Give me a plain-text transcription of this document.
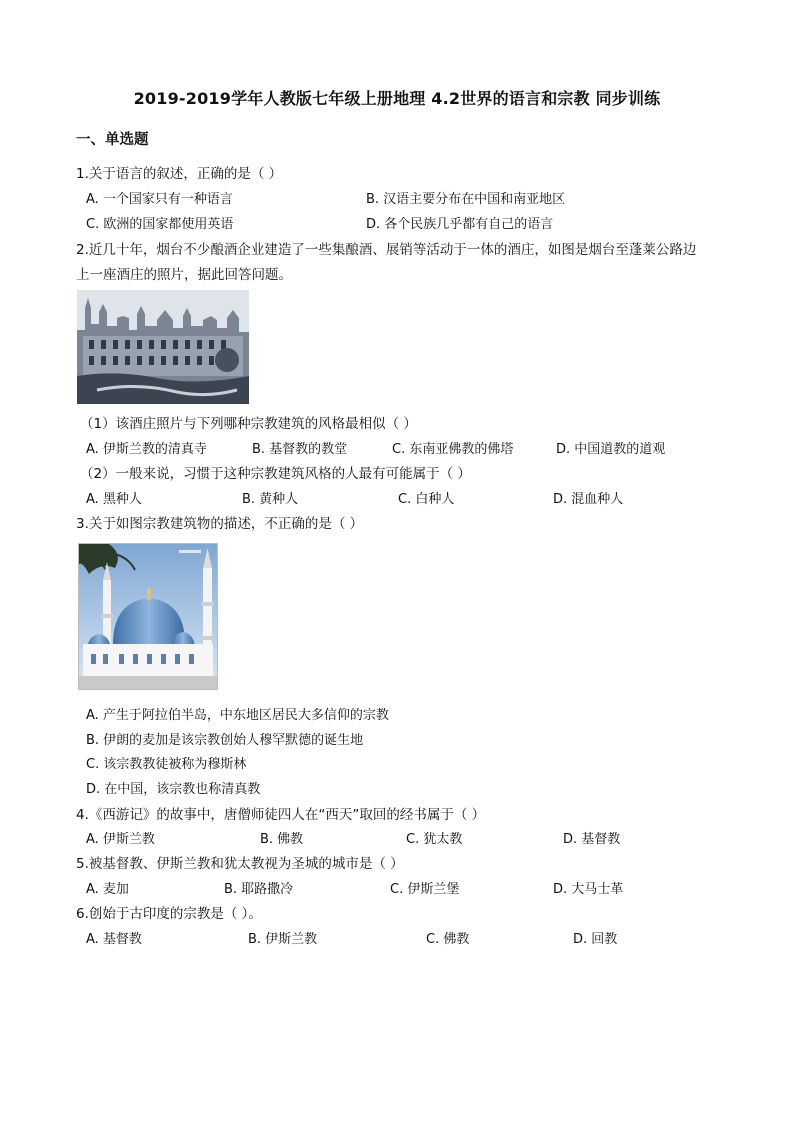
2019-2019学年人教版七年级上册地理 4.2世界的语言和宗教 同步训练
一、单选题
1.关于语言的叙述，正确的是（ ）
A. 一个国家只有一种语言	B. 汉语主要分布在中国和南亚地区
C. 欧洲的国家都使用英语	D. 各个民族几乎都有自己的语言
2.近几十年，烟台不少酿酒企业建造了一些集酿酒、展销等活动于一体的酒庄，如图是烟台至蓬莱公路边
上一座酒庄的照片，据此回答问题。
（1）该酒庄照片与下列哪种宗教建筑的风格最相似（ ）
A. 伊斯兰教的清真寺	B. 基督教的教堂	C. 东南亚佛教的佛塔	D. 中国道教的道观
（2）一般来说，习惯于这种宗教建筑风格的人最有可能属于（ ）
A. 黑种人	B. 黄种人	C. 白种人	D. 混血种人
3.关于如图宗教建筑物的描述，不正确的是（ ）
A. 产生于阿拉伯半岛，中东地区居民大多信仰的宗教
B. 伊朗的麦加是该宗教创始人穆罕默德的诞生地
C. 该宗教教徒被称为穆斯林
D. 在中国，该宗教也称清真教
4.《西游记》的故事中，唐僧师徒四人在“西天”取回的经书属于（ ）
A. 伊斯兰教	B. 佛教	C. 犹太教	D. 基督教
5.被基督教、伊斯兰教和犹太教视为圣城的城市是（ ）
A. 麦加	B. 耶路撒冷	C. 伊斯兰堡	D. 大马士革
6.创始于古印度的宗教是（ ）。
A. 基督教	B. 伊斯兰教	C. 佛教	D. 回教
